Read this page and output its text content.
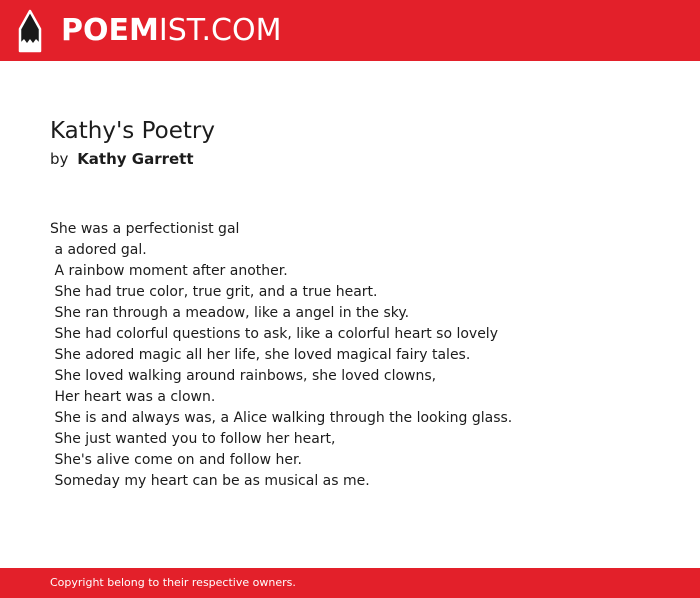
POEMIST.COM
Kathy's Poetry
by Kathy Garrett
She was a perfectionist gal
a adored gal.
A rainbow moment after another.
She had true color, true grit, and a true heart.
She ran through a meadow, like a angel in the sky.
She had colorful questions to ask, like a colorful heart so lovely
She adored magic all her life, she loved magical fairy tales.
She loved walking around rainbows, she loved clowns,
Her heart was a clown.
She is and always was, a Alice walking through the looking glass.
She just wanted you to follow her heart,
She's alive come on and follow her.
Someday my heart can be as musical as me.
Copyright belong to their respective owners.
